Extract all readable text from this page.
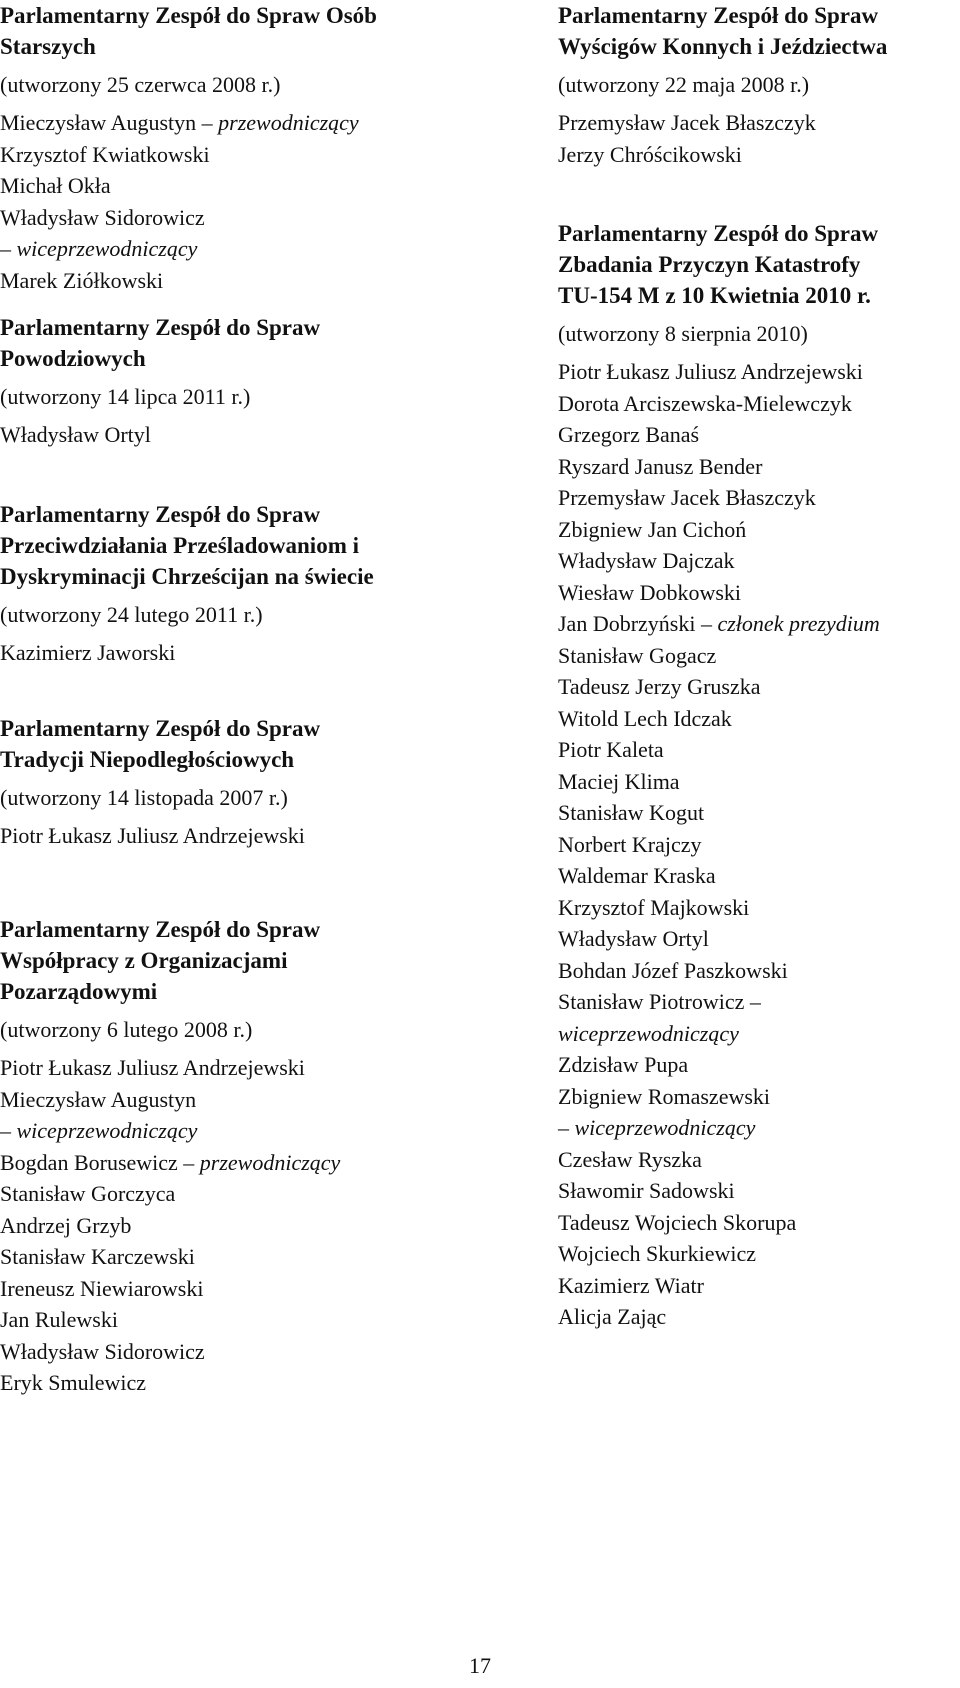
Parlamentarny Zespół do Spraw Osób
Starszych
(utworzony 25 czerwca 2008 r.)
Mieczysław Augustyn – przewodniczący
Krzysztof Kwiatkowski
Michał Okła
Władysław Sidorowicz
– wiceprzewodniczący
Marek Ziółkowski
Parlamentarny Zespół do Spraw
Powodziowych
(utworzony 14 lipca 2011 r.)
Władysław Ortyl
Parlamentarny Zespół do Spraw
Przeciwdziałania Prześladowaniom i
Dyskryminacji Chrześcijan na świecie
(utworzony 24 lutego 2011 r.)
Kazimierz Jaworski
Parlamentarny Zespół do Spraw
Tradycji Niepodległościowych
(utworzony 14 listopada 2007 r.)
Piotr Łukasz Juliusz Andrzejewski
Parlamentarny Zespół do Spraw
Współpracy z Organizacjami
Pozarządowymi
(utworzony 6 lutego 2008 r.)
Piotr Łukasz Juliusz Andrzejewski
Mieczysław Augustyn
– wiceprzewodniczący
Bogdan Borusewicz – przewodniczący
Stanisław Gorczyca
Andrzej Grzyb
Stanisław Karczewski
Ireneusz Niewiarowski
Jan Rulewski
Władysław Sidorowicz
Eryk Smulewicz
Parlamentarny Zespół do Spraw
Wyścigów Konnych i Jeździectwa
(utworzony 22 maja 2008 r.)
Przemysław Jacek Błaszczyk
Jerzy Chróścikowski
Parlamentarny Zespół do Spraw
Zbadania Przyczyn Katastrofy
TU-154 M z 10 Kwietnia 2010 r.
(utworzony 8 sierpnia 2010)
Piotr Łukasz Juliusz Andrzejewski
Dorota Arciszewska-Mielewczyk
Grzegorz Banaś
Ryszard Janusz Bender
Przemysław Jacek Błaszczyk
Zbigniew Jan Cichoń
Władysław Dajczak
Wiesław Dobkowski
Jan Dobrzyński – członek prezydium
Stanisław Gogacz
Tadeusz Jerzy Gruszka
Witold Lech Idczak
Piotr Kaleta
Maciej Klima
Stanisław Kogut
Norbert Krajczy
Waldemar Kraska
Krzysztof Majkowski
Władysław Ortyl
Bohdan Józef Paszkowski
Stanisław Piotrowicz –
wiceprzewodniczący
Zdzisław Pupa
Zbigniew Romaszewski
– wiceprzewodniczący
Czesław Ryszka
Sławomir Sadowski
Tadeusz Wojciech Skorupa
Wojciech Skurkiewicz
Kazimierz Wiatr
Alicja Zając
17
